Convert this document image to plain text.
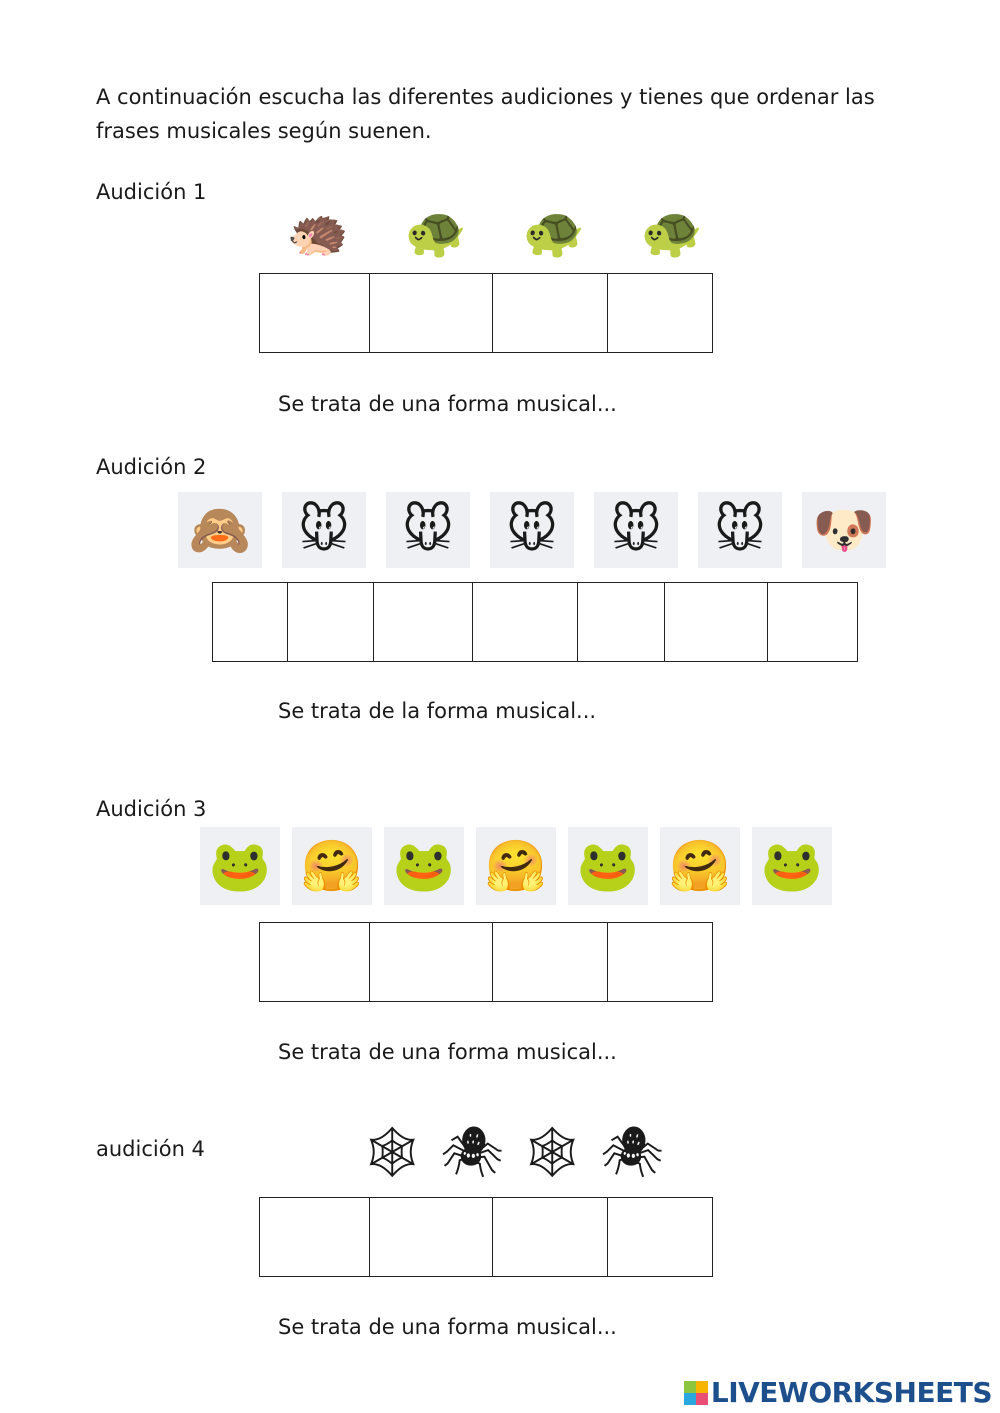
A continuación escucha las diferentes audiciones y tienes que ordenar las frases musicales según suenen.
Audición 1
🦔 🐢 🐢 🐢
Se trata de una forma musical...
Audición 2
🙈 🐭	🐭	🐭	🐭	🐭 🐶
Se trata de la forma musical...
Audición 3
🐸 🤗 🐸 🤗 🐸 🤗 🐸
Se trata de una forma musical...
audición 4	🕸 🕷 🕸 🕷
Se trata de una forma musical...
LIVEWORKSHEETS
